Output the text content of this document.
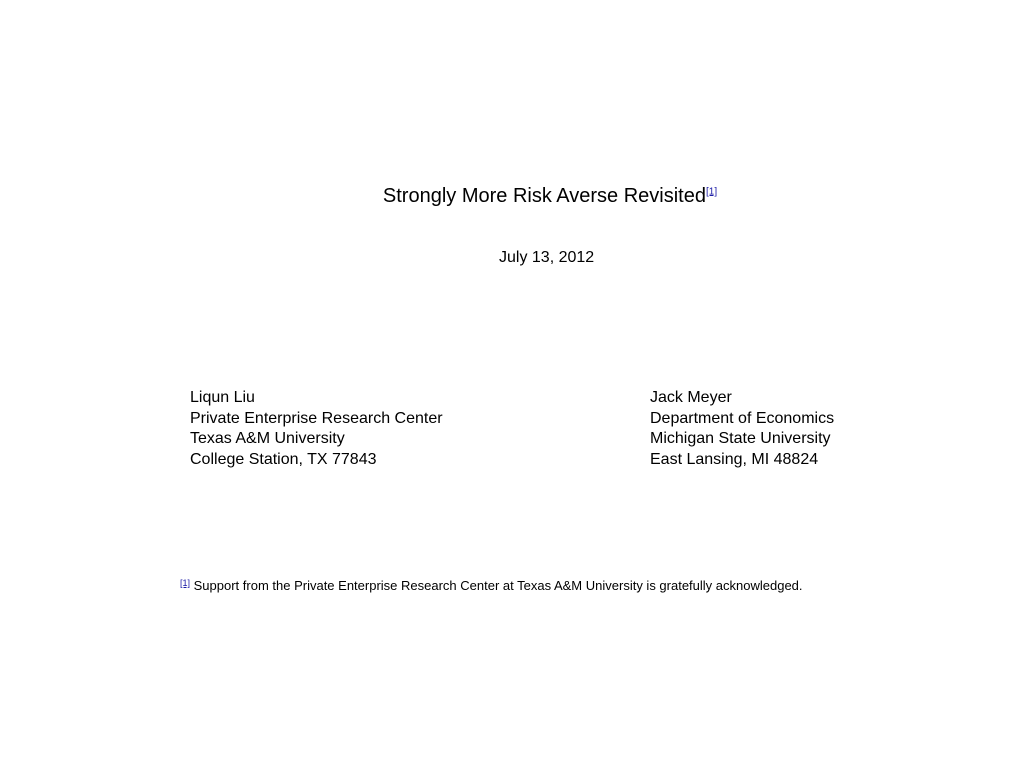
Strongly More Risk Averse Revisited[1]
July 13, 2012
Liqun Liu
Private Enterprise Research Center
Texas A&M University
College Station, TX 77843
Jack Meyer
Department of Economics
Michigan State University
East Lansing, MI 48824
[1] Support from the Private Enterprise Research Center at Texas A&M University is gratefully acknowledged.
